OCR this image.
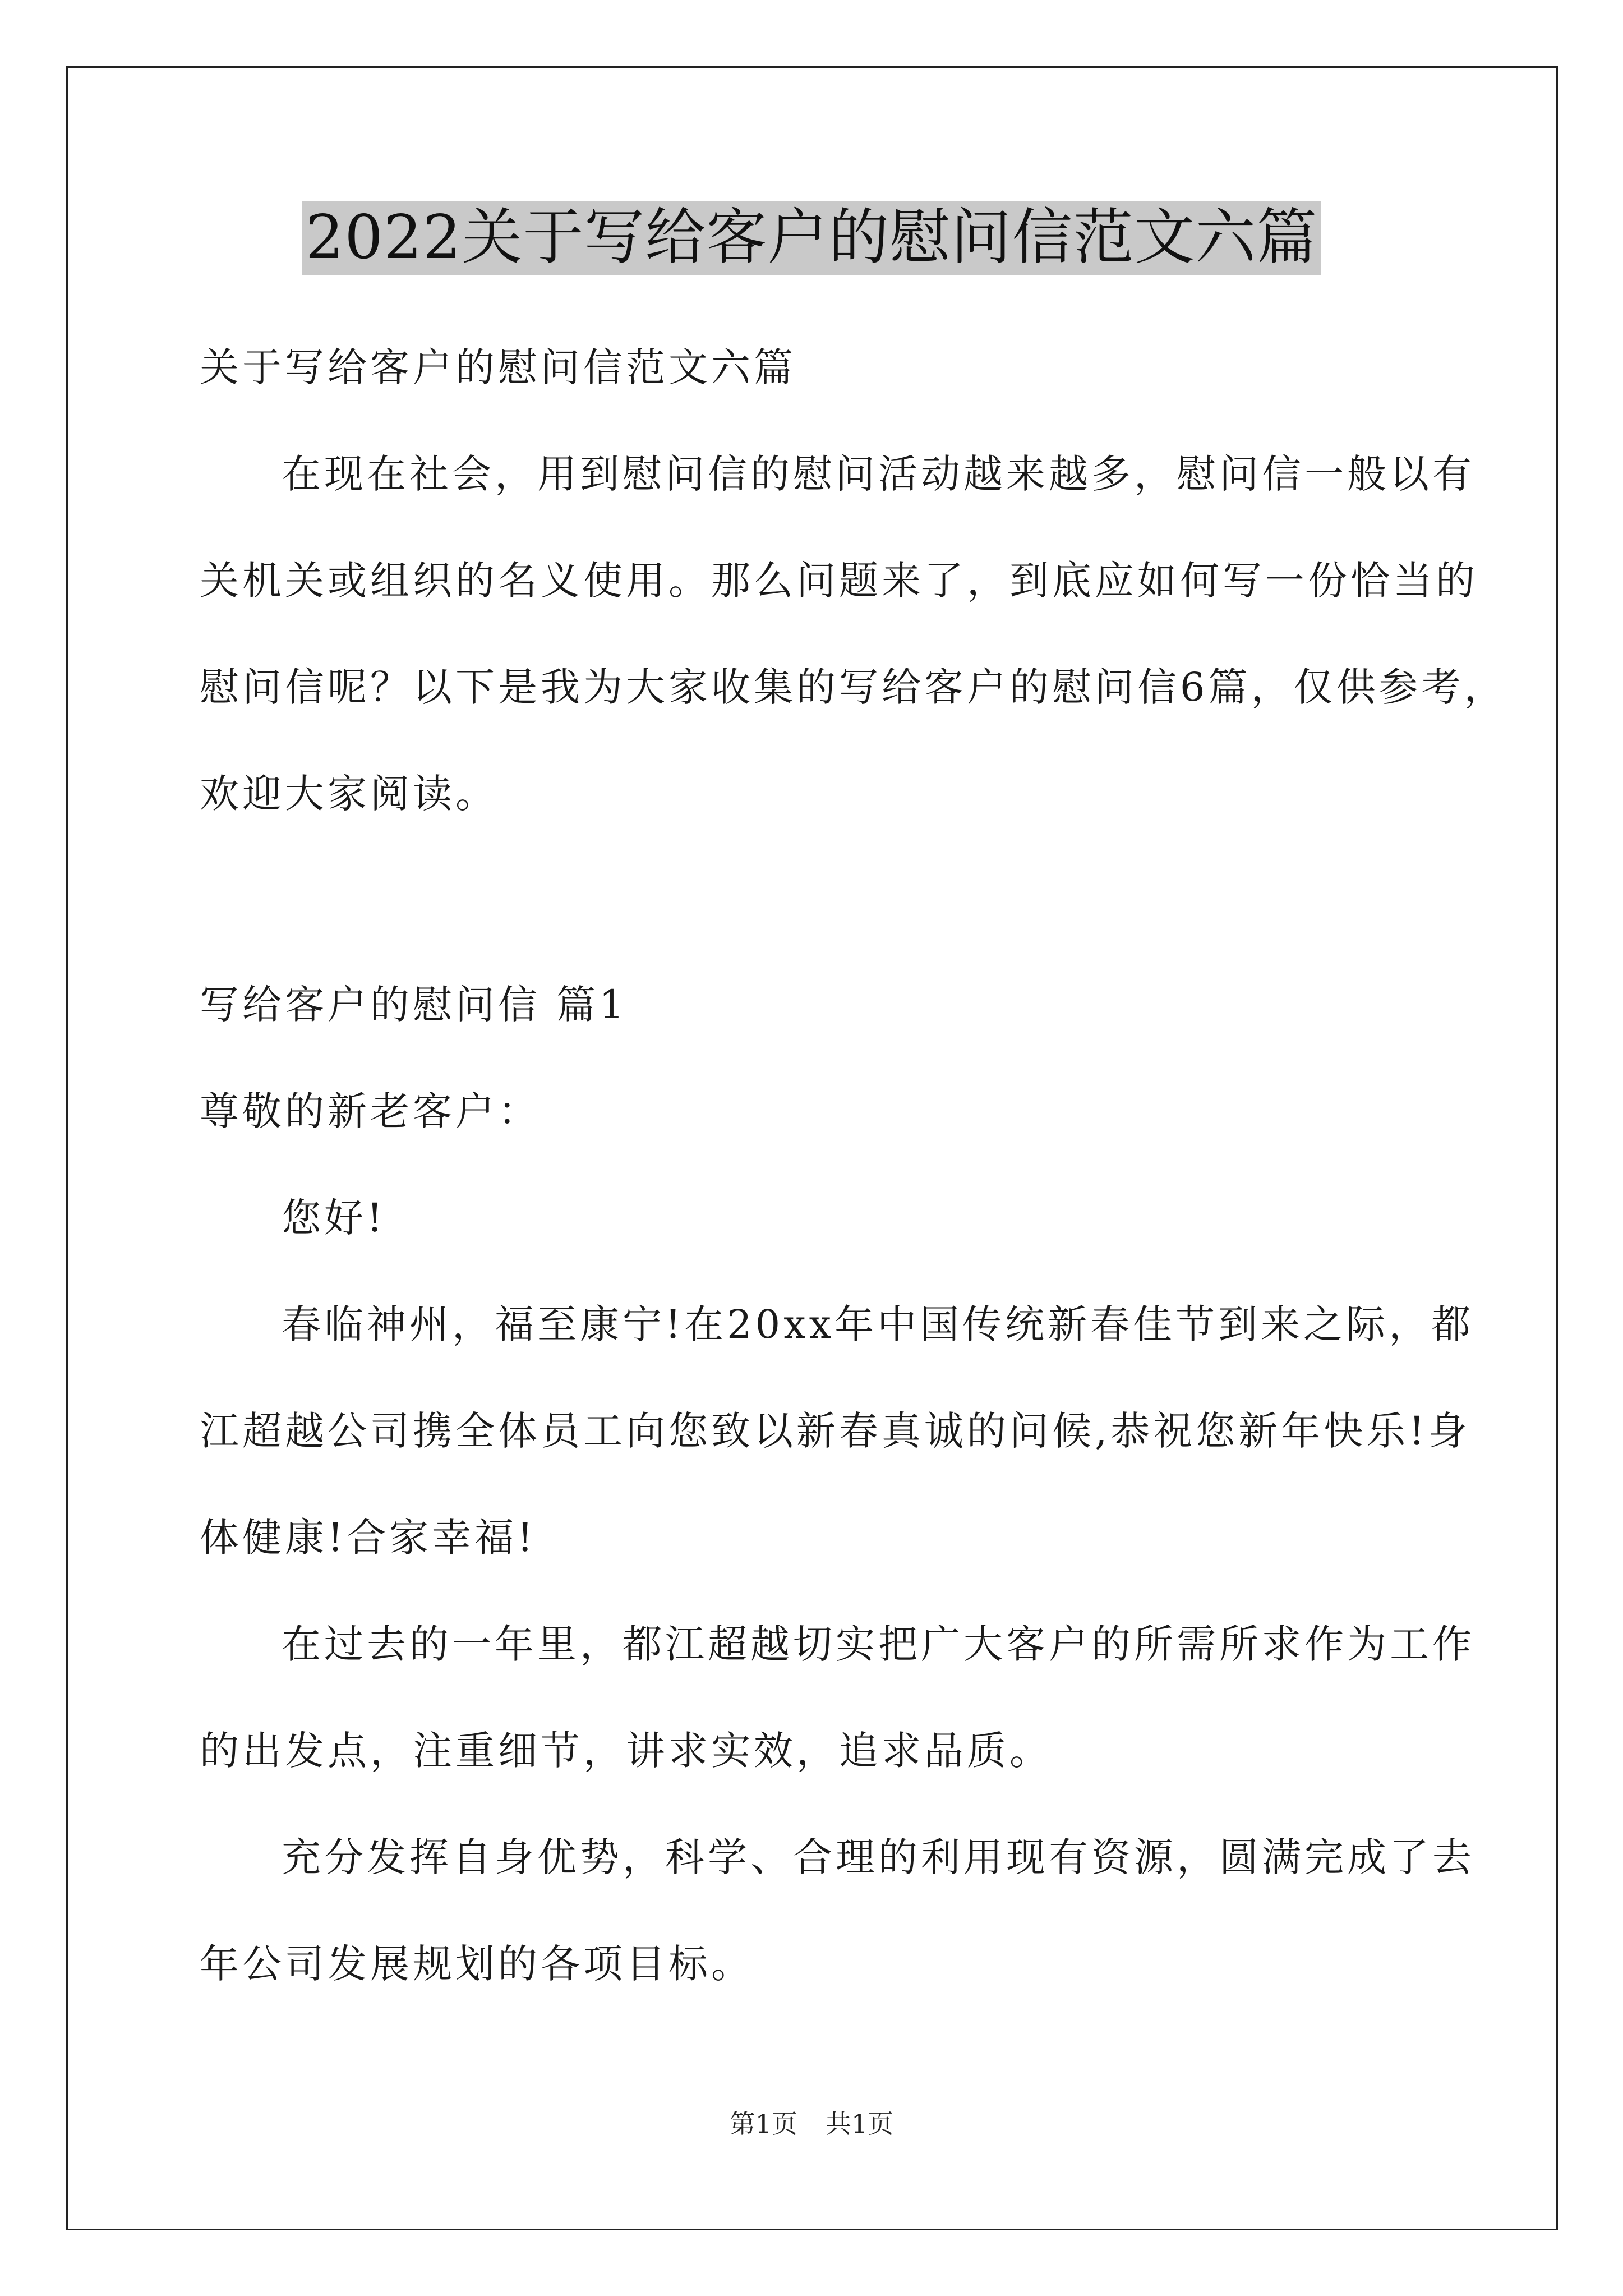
2022关于写给客户的慰问信范文六篇
关于写给客户的慰问信范文六篇
在现在社会，用到慰问信的慰问活动越来越多，慰问信一般以有
关机关或组织的名义使用。那么问题来了，到底应如何写一份恰当的
慰问信呢？以下是我为大家收集的写给客户的慰问信6篇，仅供参考，
欢迎大家阅读。
写给客户的慰问信 篇1
尊敬的新老客户：
您好!
春临神州，福至康宁!在20xx年中国传统新春佳节到来之际，都
江超越公司携全体员工向您致以新春真诚的问候,恭祝您新年快乐!身
体健康!合家幸福!
在过去的一年里，都江超越切实把广大客户的所需所求作为工作
的出发点，注重细节，讲求实效，追求品质。
充分发挥自身优势，科学、合理的利用现有资源，圆满完成了去
年公司发展规划的各项目标。
第1页 共1页
